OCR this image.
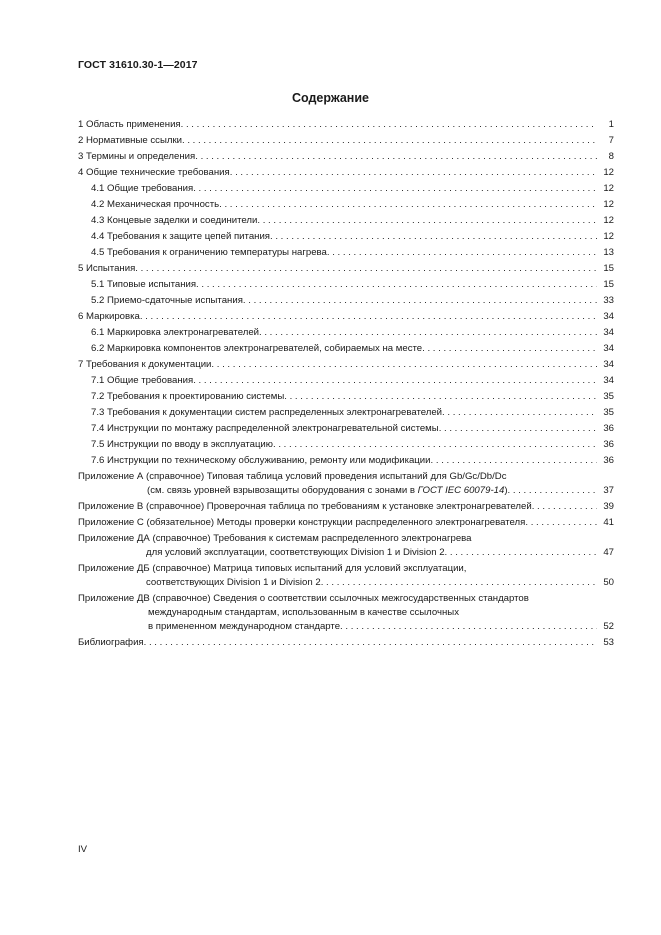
ГОСТ 31610.30-1—2017
Содержание
1 Область применения . . .	1
2 Нормативные ссылки . . .	7
3 Термины и определения . . .	8
4 Общие технические требования . . .	12
4.1 Общие требования . . .	12
4.2 Механическая прочность . . .	12
4.3 Концевые заделки и соединители . . .	12
4.4 Требования к защите цепей питания . . .	12
4.5 Требования к ограничению температуры нагрева . . .	13
5 Испытания . . .	15
5.1 Типовые испытания . . .	15
5.2 Приемо-сдаточные испытания . . .	33
6 Маркировка . . .	34
6.1 Маркировка электронагревателей . . .	34
6.2 Маркировка компонентов электронагревателей, собираемых на месте . . .	34
7 Требования к документации . . .	34
7.1 Общие требования . . .	34
7.2 Требования к проектированию системы . . .	35
7.3 Требования к документации систем распределенных электронагревателей . . .	35
7.4 Инструкции по монтажу распределенной электронагревательной системы . . .	36
7.5 Инструкции по вводу в эксплуатацию . . .	36
7.6 Инструкции по техническому обслуживанию, ремонту или модификации . . .	36
Приложение А (справочное) Типовая таблица условий проведения испытаний для Gb/Gc/Db/Dc
(см. связь уровней взрывозащиты оборудования с зонами в ГОСТ IEC 60079-14) . . .	37
Приложение В (справочное) Проверочная таблица по требованиям к установке электронагревателей . . .	39
Приложение С (обязательное) Методы проверки конструкции распределенного электронагревателя . . .	41
Приложение ДА (справочное) Требования к системам распределенного электронагрева
для условий эксплуатации, соответствующих Division 1 и Division 2 . . .	47
Приложение ДБ (справочное) Матрица типовых испытаний для условий эксплуатации,
соответствующих Division 1 и Division 2 . . .	50
Приложение ДВ (справочное) Сведения о соответствии ссылочных межгосударственных стандартов
международным стандартам, использованным в качестве ссылочных
в примененном международном стандарте . . .	52
Библиография . . .	53
IV
